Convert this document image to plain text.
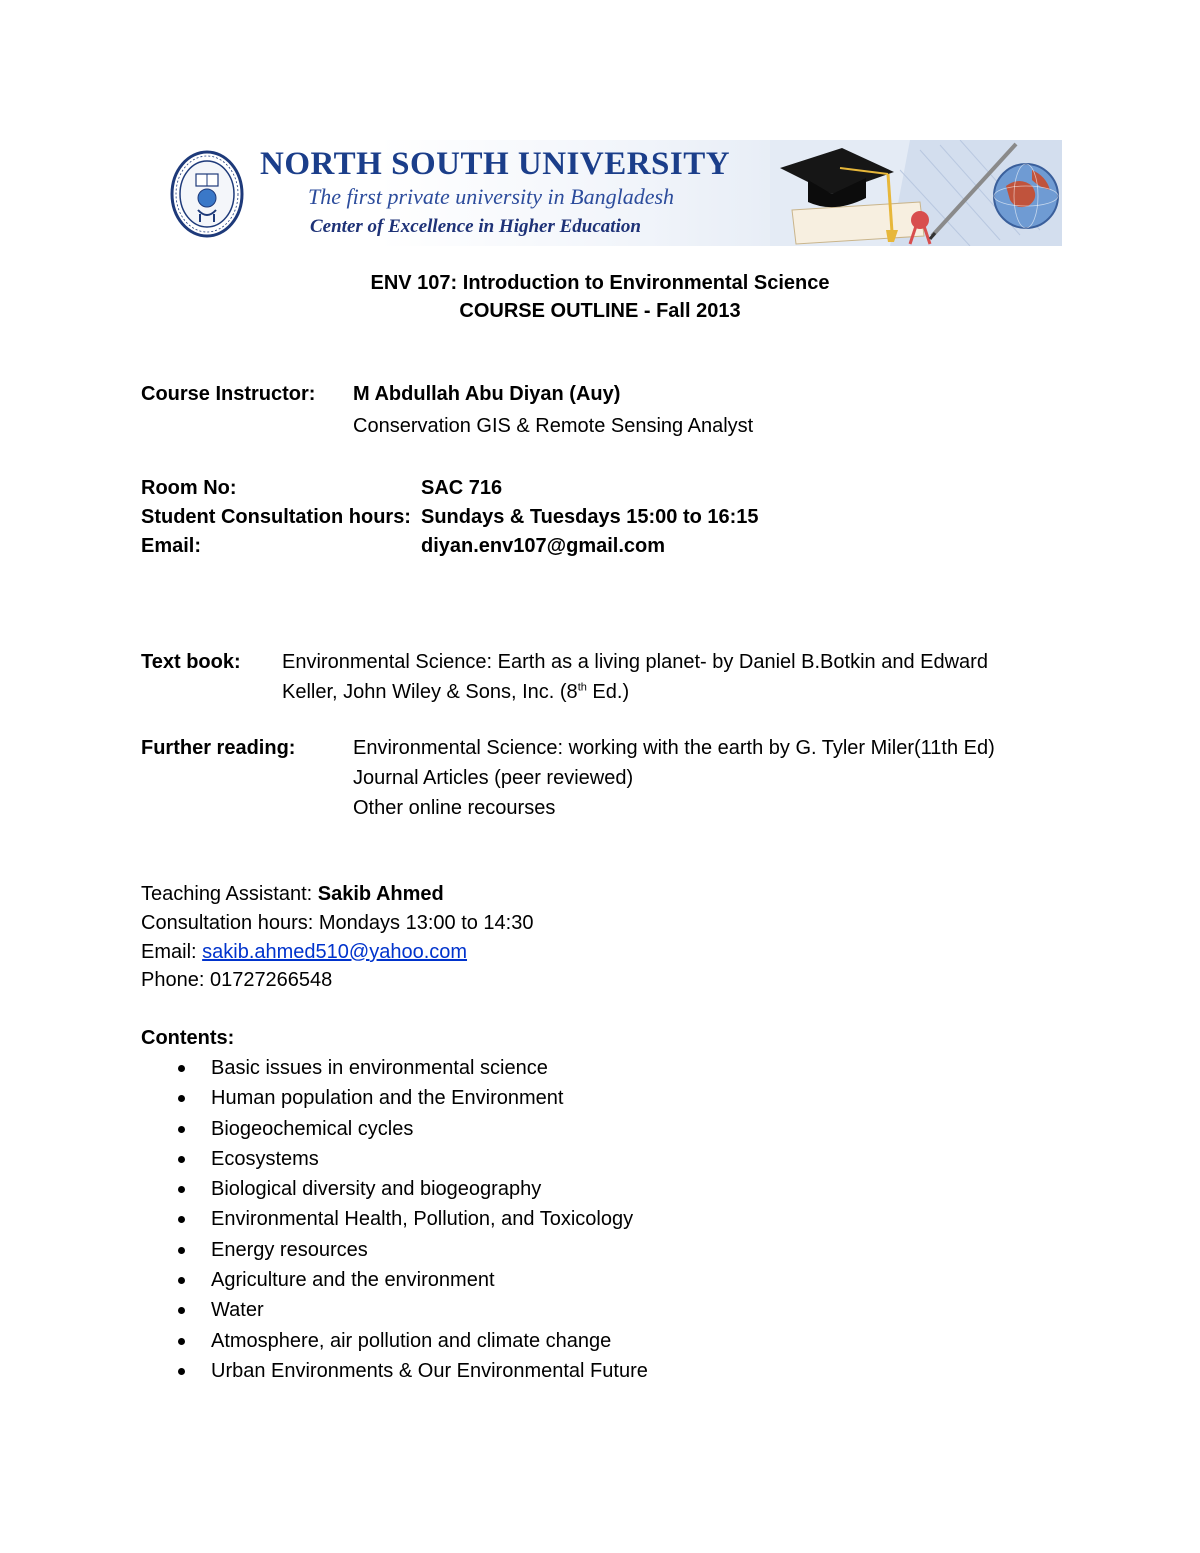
NORTH SOUTH UNIVERSITY
The first private university in Bangladesh
Center of Excellence in Higher Education
ENV 107: Introduction to Environmental Science
COURSE OUTLINE - Fall 2013
Course Instructor: M Abdullah Abu Diyan (Auy)
Conservation GIS & Remote Sensing Analyst
Room No:	SAC 716
Student Consultation hours: Sundays & Tuesdays 15:00 to 16:15
Email:	diyan.env107@gmail.com
Text book: Environmental Science: Earth as a living planet- by Daniel B.Botkin and Edward
Keller, John Wiley & Sons, Inc. (8th Ed.)
Further reading:	Environmental Science: working with the earth by G. Tyler Miler(11th Ed)
Journal Articles (peer reviewed)
Other online recourses
Teaching Assistant: Sakib Ahmed
Consultation hours: Mondays 13:00 to 14:30
Email: sakib.ahmed510@yahoo.com
Phone: 01727266548
Contents:
Basic issues in environmental science
Human population and the Environment
Biogeochemical cycles
Ecosystems
Biological diversity and biogeography
Environmental Health, Pollution, and Toxicology
Energy resources
Agriculture and the environment
Water
Atmosphere, air pollution and climate change
Urban Environments & Our Environmental Future
